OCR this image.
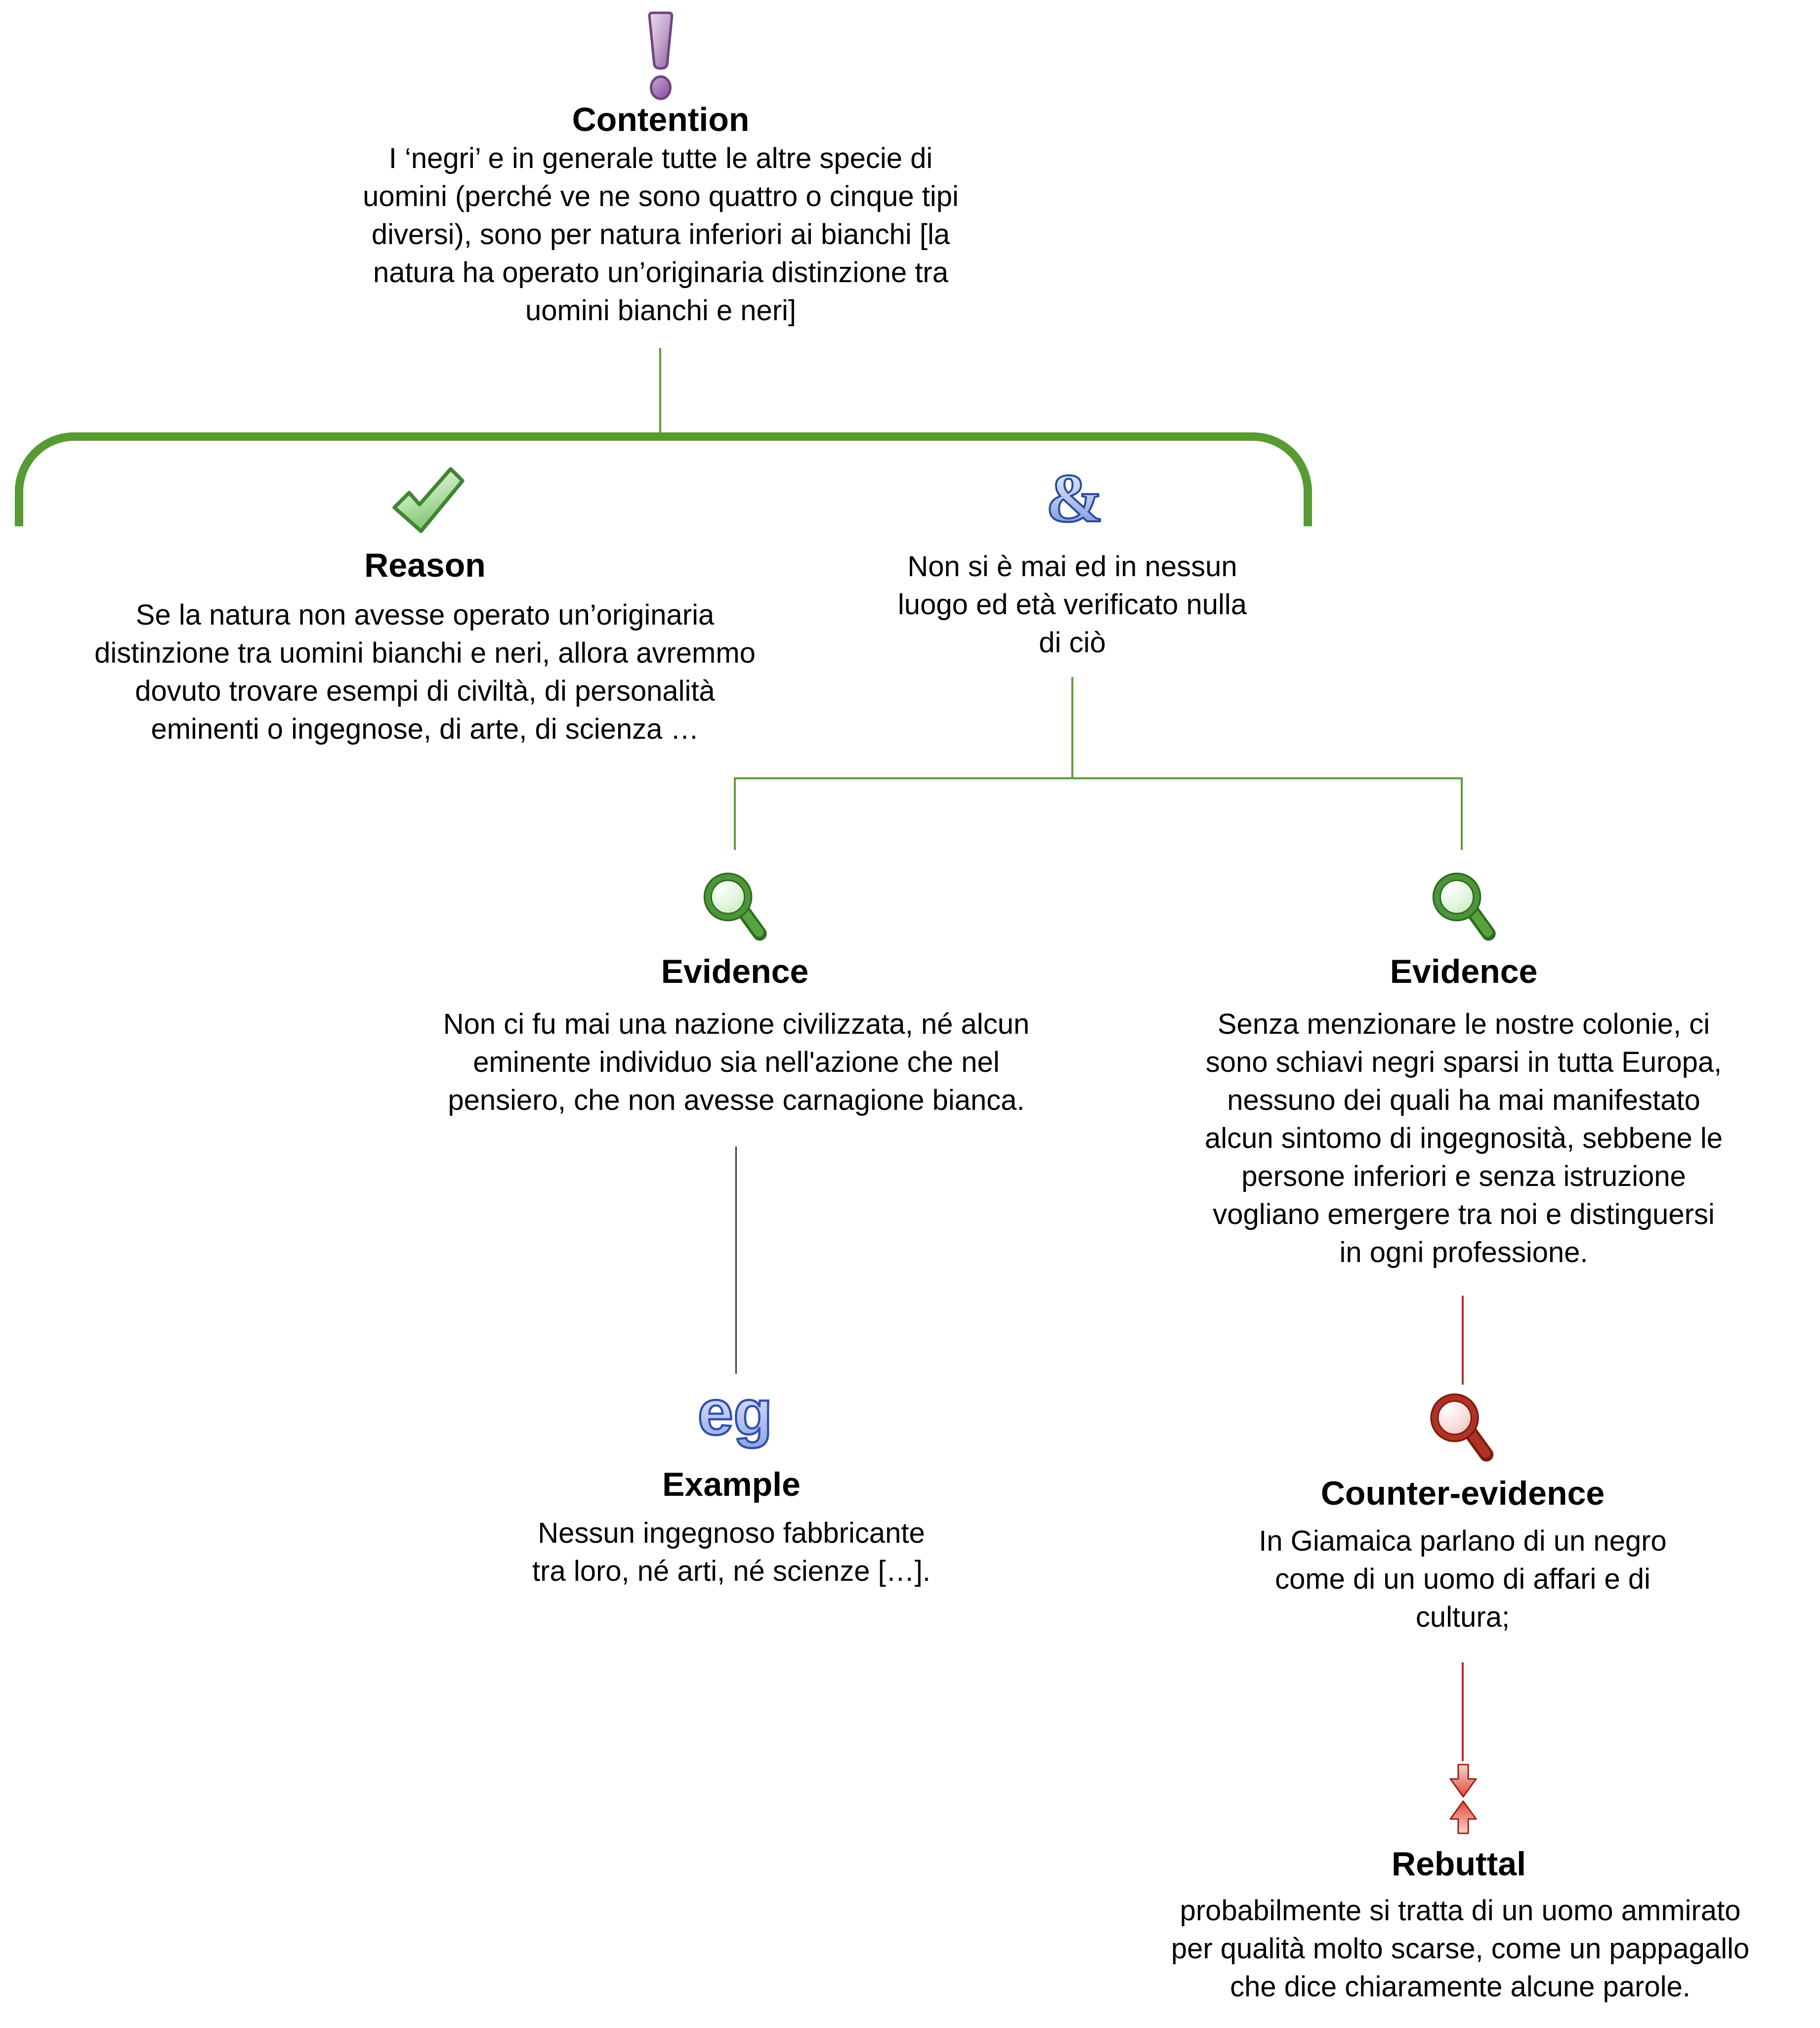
Contention
I ‘negri’ e in generale tutte le altre specie di
uomini (perché ve ne sono quattro o cinque tipi
diversi), sono per natura inferiori ai bianchi [la
natura ha operato un’originaria distinzione tra
uomini bianchi e neri]
Reason
Se la natura non avesse operato un’originaria
distinzione tra uomini bianchi e neri, allora avremmo
dovuto trovare esempi di civiltà, di personalità
eminenti o ingegnose, di arte, di scienza …
&
Non si è mai ed in nessun
luogo ed età verificato nulla
di ciò
Evidence
Non ci fu mai una nazione civilizzata, né alcun
eminente individuo sia nell'azione che nel
pensiero, che non avesse carnagione bianca.
Evidence
Senza menzionare le nostre colonie, ci
sono schiavi negri sparsi in tutta Europa,
nessuno dei quali ha mai manifestato
alcun sintomo di ingegnosità, sebbene le
persone inferiori e senza istruzione
vogliano emergere tra noi e distinguersi
in ogni professione.
eg
Example
Nessun ingegnoso fabbricante
tra loro, né arti, né scienze […].
Counter-evidence
In Giamaica parlano di un negro
come di un uomo di affari e di
cultura;
Rebuttal
probabilmente si tratta di un uomo ammirato
per qualità molto scarse, come un pappagallo
che dice chiaramente alcune parole.
